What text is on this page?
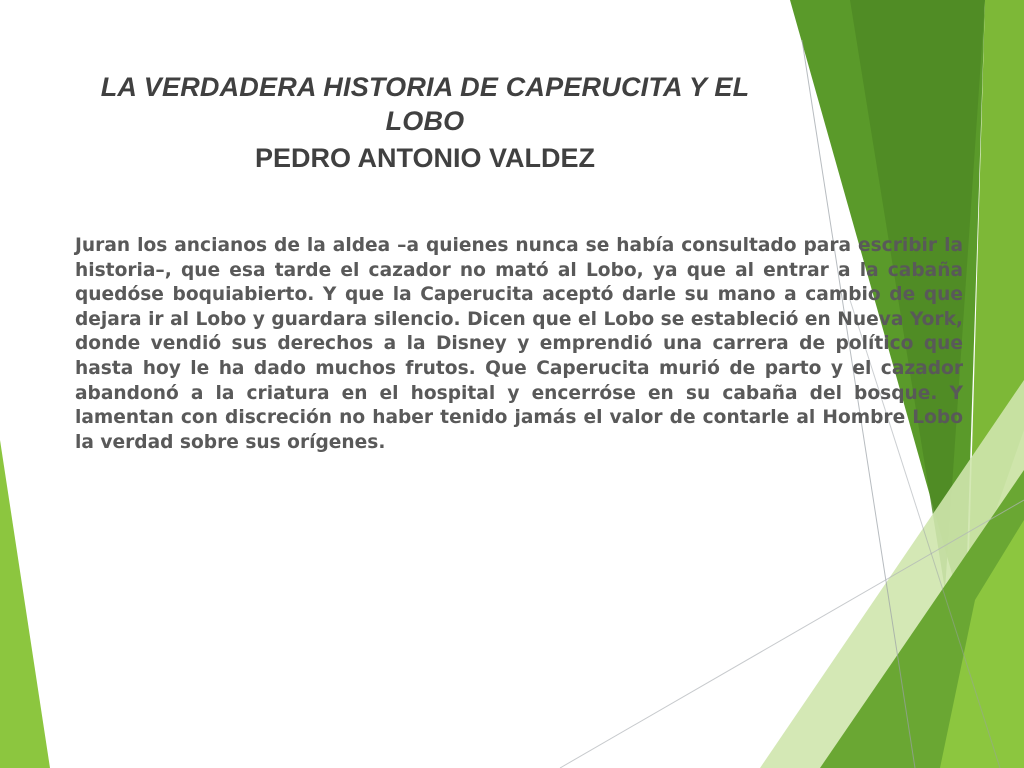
LA VERDADERA HISTORIA DE CAPERUCITA Y EL
LOBO
PEDRO ANTONIO VALDEZ

Juran los ancianos de la aldea –a quienes nunca se había consultado para escribir la historia–, que esa tarde el cazador no mató al Lobo, ya que al entrar a la cabaña quedóse boquiabierto. Y que la Caperucita aceptó darle su mano a cambio de que dejara ir al Lobo y guardara silencio. Dicen que el Lobo se estableció en Nueva York, donde vendió sus derechos a la Disney y emprendió una carrera de político que hasta hoy le ha dado muchos frutos. Que Caperucita murió de parto y el cazador abandonó a la criatura en el hospital y encerróse en su cabaña del bosque. Y lamentan con discreción no haber tenido jamás el valor de contarle al Hombre Lobo la verdad sobre sus orígenes.
